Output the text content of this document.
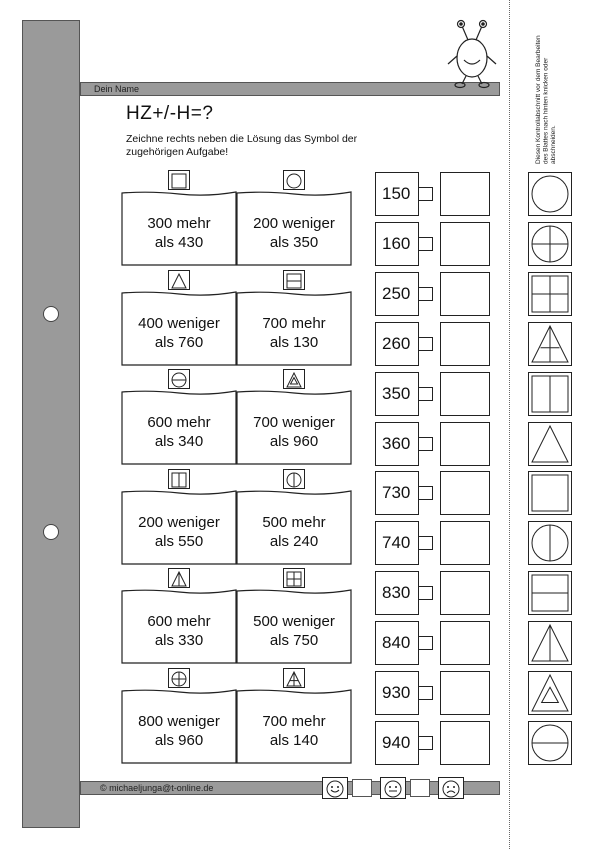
Dein Name
HZ+/-H=?
Zeichne rechts neben die Lösung das Symbol der zugehörigen Aufgabe!	Diesen Kontrollabschnitt vor dem Bearbeiten des Blattes nach hinten knicken oder abschneiden.
300 mehr
als 430
200 weniger
als 350
400 weniger
als 760
700 mehr
als 130
600 mehr
als 340
700 weniger
als 960
200 weniger
als 550
500 mehr
als 240
600 mehr
als 330
500 weniger
als 750
800 weniger
als 960
700 mehr
als 140
150
160
250
260
350
360
730
740
830
840
930
940
© michaeljunga@t-online.de
